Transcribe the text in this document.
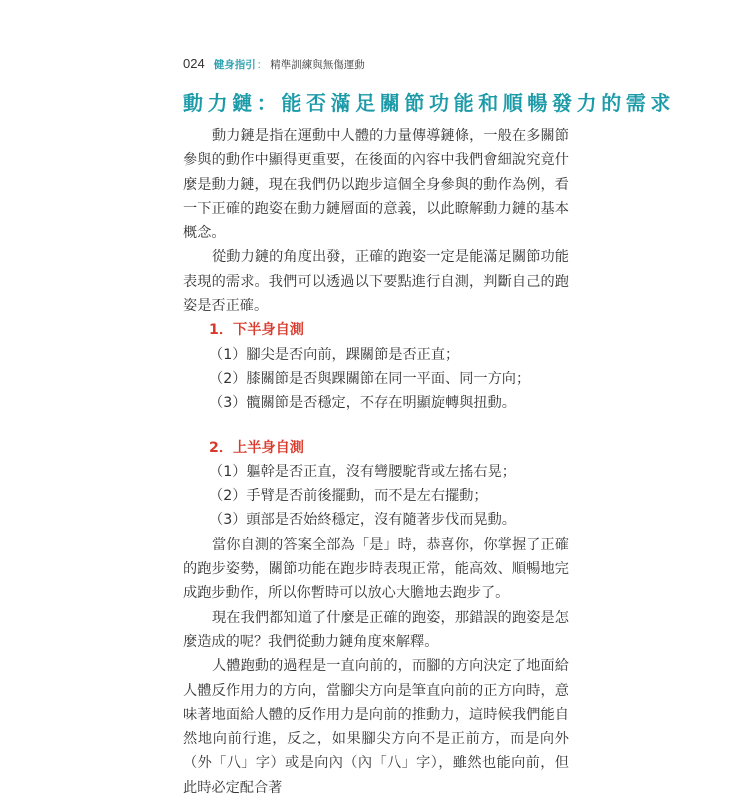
024 健身指引 ： 精準訓練與無傷運動
動力鏈：能否滿足關節功能和順暢發力的需求

動力鏈是指在運動中人體的力量傳導鏈條，一般在多關節參與的動作中顯得更重要，在後面的內容中我們會細說究竟什麼是動力鏈，現在我們仍以跑步這個全身參與的動作為例，看一下正確的跑姿在動力鏈層面的意義，以此瞭解動力鏈的基本概念。

從動力鏈的角度出發，正確的跑姿一定是能滿足關節功能表現的需求。我們可以透過以下要點進行自測，判斷自己的跑姿是否正確。

1．下半身自測

（1）腳尖是否向前，踝關節是否正直；

（2）膝關節是否與踝關節在同一平面、同一方向；

（3）髖關節是否穩定，不存在明顯旋轉與扭動。

2．上半身自測

（1）軀幹是否正直，沒有彎腰駝背或左搖右晃；

（2）手臂是否前後擺動，而不是左右擺動；

（3）頭部是否始終穩定，沒有隨著步伐而晃動。

當你自測的答案全部為「是」時，恭喜你，你掌握了正確的跑步姿勢，關節功能在跑步時表現正常，能高效、順暢地完成跑步動作，所以你暫時可以放心大膽地去跑步了。

現在我們都知道了什麼是正確的跑姿，那錯誤的跑姿是怎麼造成的呢？我們從動力鏈角度來解釋。

人體跑動的過程是一直向前的，而腳的方向決定了地面給人體反作用力的方向，當腳尖方向是筆直向前的正方向時，意味著地面給人體的反作用力是向前的推動力，這時候我們能自然地向前行進，反之，如果腳尖方向不是正前方，而是向外（外「八」字）或是向內（內「八」字），雖然也能向前，但此時必定配合著
